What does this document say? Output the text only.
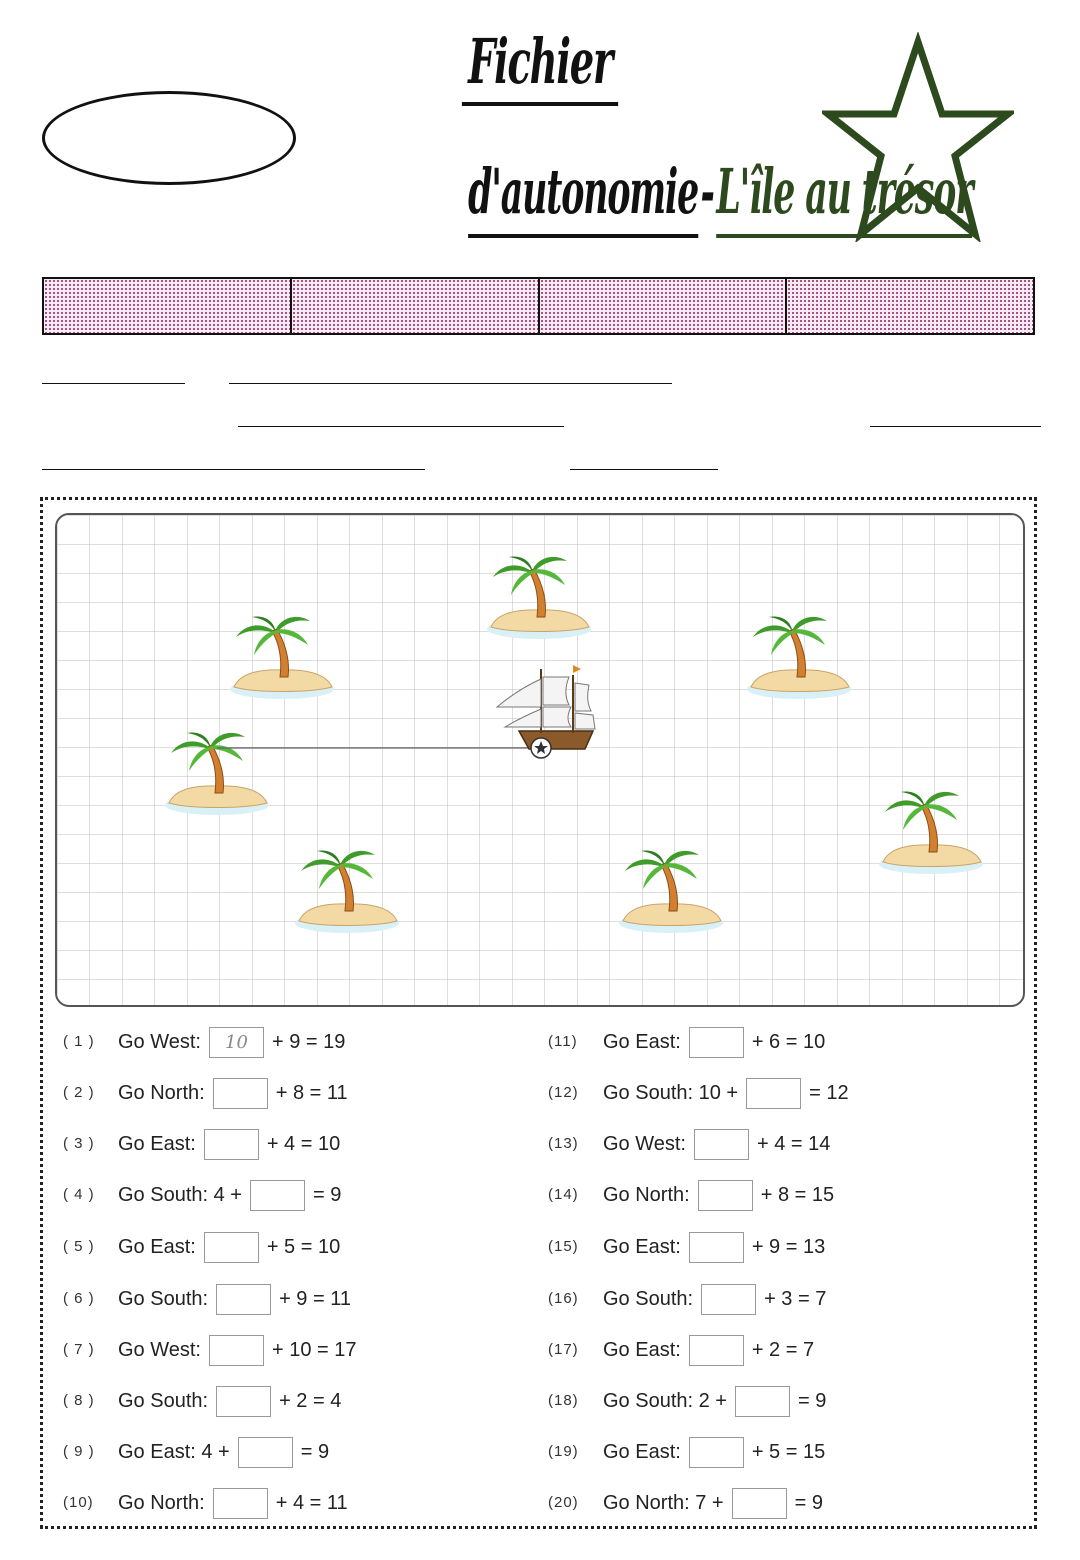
Fichier
d'autonomie - L'île au trésor
( 1 ) Go West:	10	+ 9 = 19
( 2 ) Go North:	+ 8 = 11
( 3 ) Go East:	+ 4 = 10
( 4 ) Go South: 4 +	= 9
( 5 ) Go East:	+ 5 = 10
( 6 ) Go South:	+ 9 = 11
( 7 ) Go West:	+ 10 = 17
( 8 ) Go South:	+ 2 = 4
( 9 ) Go East: 4 +	= 9
(10) Go North:	+ 4 = 11
(11) Go East:	+ 6 = 10
(12) Go South: 10 +	= 12
(13) Go West:	+ 4 = 14
(14) Go North:	+ 8 = 15
(15) Go East:	+ 9 = 13
(16) Go South:	+ 3 = 7
(17) Go East:	+ 2 = 7
(18) Go South: 2 +	= 9
(19) Go East:	+ 5 = 15
(20) Go North: 7 +	= 9
